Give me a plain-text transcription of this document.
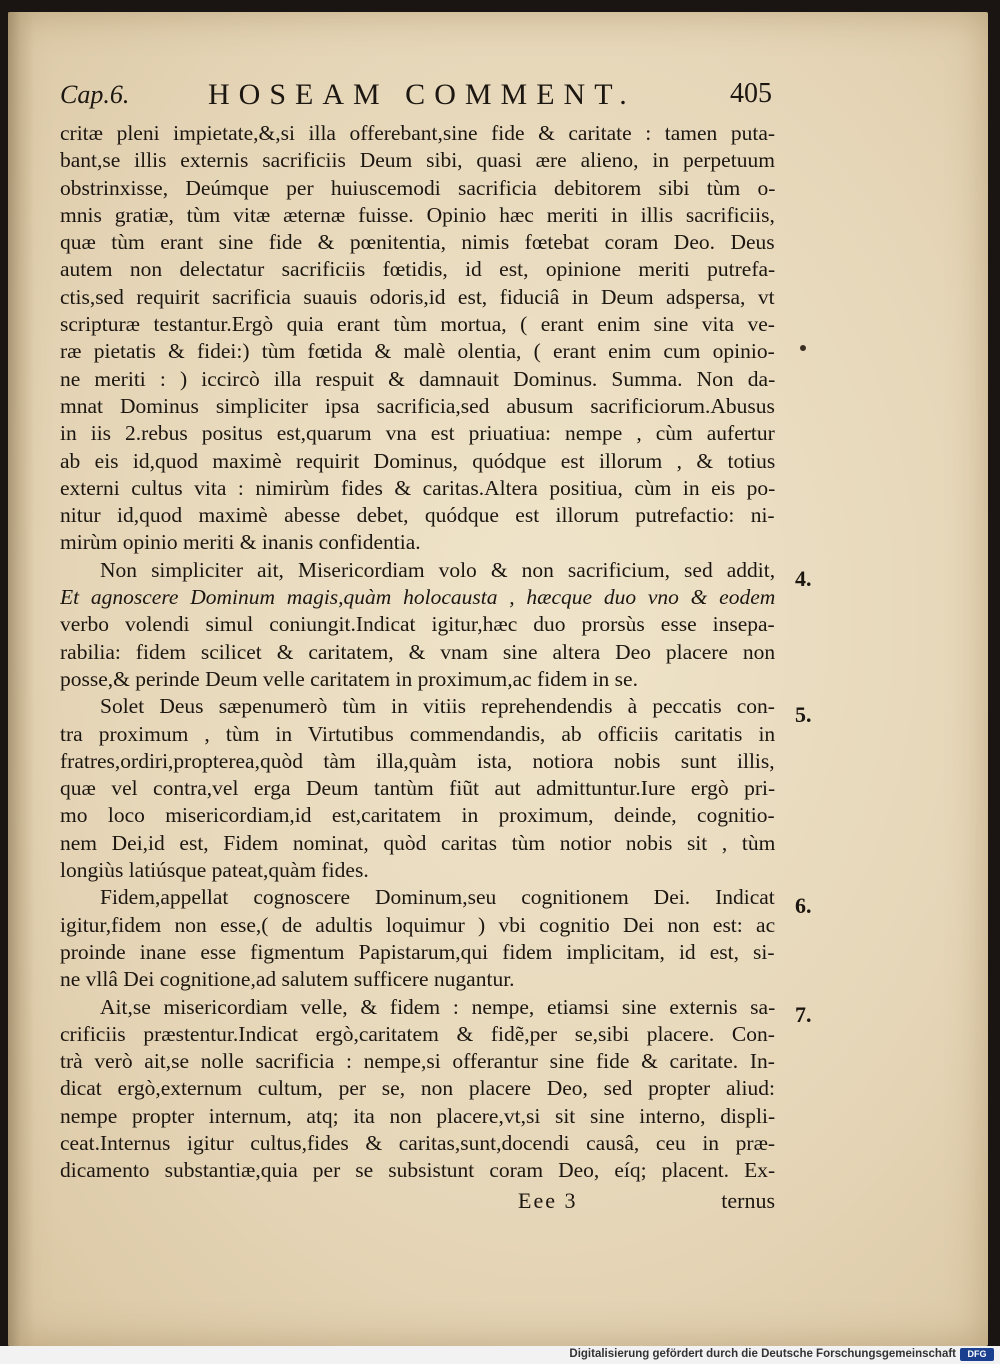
Cap.6.	HOSEAM COMMENT.	405
critæ pleni impietate,&,si illa offerebant,sine fide & caritate : tamen puta-
bant,se illis externis sacrificiis Deum sibi, quasi ære alieno, in perpetuum
obstrinxisse, Deúmque per huiuscemodi sacrificia debitorem sibi tùm o-
mnis gratiæ, tùm vitæ æternæ fuisse. Opinio hæc meriti in illis sacrificiis,
quæ tùm erant sine fide & pœnitentia, nimis fœtebat coram Deo. Deus
autem non delectatur sacrificiis fœtidis, id est, opinione meriti putrefa-
ctis,sed requirit sacrificia suauis odoris,id est, fiduciâ in Deum adspersa, vt
scripturæ testantur.Ergò quia erant tùm mortua, ( erant enim sine vita ve-
ræ pietatis & fidei:) tùm fœtida & malè olentia, ( erant enim cum opinio-
ne meriti : ) iccircò illa respuit & damnauit Dominus. Summa. Non da-
mnat Dominus simpliciter ipsa sacrificia,sed abusum sacrificiorum.Abusus
in iis 2.rebus positus est,quarum vna est priuatiua: nempe , cùm aufertur
ab eis id,quod maximè requirit Dominus, quódque est illorum , & totius
externi cultus vita : nimirùm fides & caritas.Altera positiua, cùm in eis po-
nitur id,quod maximè abesse debet, quódque est illorum putrefactio: ni-
mirùm opinio meriti & inanis confidentia.
Non simpliciter ait, Misericordiam volo & non sacrificium, sed addit,
Et agnoscere Dominum magis,quàm holocausta , hæcque duo vno & eodem
verbo volendi simul coniungit.Indicat igitur,hæc duo prorsùs esse insepa-
rabilia: fidem scilicet & caritatem, & vnam sine altera Deo placere non
posse,& perinde Deum velle caritatem in proximum,ac fidem in se.
Solet Deus sæpenumerò tùm in vitiis reprehendendis à peccatis con-
tra proximum , tùm in Virtutibus commendandis, ab officiis caritatis in
fratres,ordiri,propterea,quòd tàm illa,quàm ista, notiora nobis sunt illis,
quæ vel contra,vel erga Deum tantùm fiũt aut admittuntur.Iure ergò pri-
mo loco misericordiam,id est,caritatem in proximum, deinde, cognitio-
nem Dei,id est, Fidem nominat, quòd caritas tùm notior nobis sit , tùm
longiùs latiúsque pateat,quàm fides.
Fidem,appellat cognoscere Dominum,seu cognitionem Dei. Indicat
igitur,fidem non esse,( de adultis loquimur ) vbi cognitio Dei non est: ac
proinde inane esse figmentum Papistarum,qui fidem implicitam, id est, si-
ne vllâ Dei cognitione,ad salutem sufficere nugantur.
Ait,se misericordiam velle, & fidem : nempe, etiamsi sine externis sa-
crificiis præstentur.Indicat ergò,caritatem & fidẽ,per se,sibi placere. Con-
trà verò ait,se nolle sacrificia : nempe,si offerantur sine fide & caritate. In-
dicat ergò,externum cultum, per se, non placere Deo, sed propter aliud:
nempe propter internum, atq; ita non placere,vt,si sit sine interno, displi-
ceat.Internus igitur cultus,fides & caritas,sunt,docendi causâ, ceu in præ-
dicamento substantiæ,quia per se subsistunt coram Deo, eíq; placent. Ex-
4.
5.
6.
7.
Eee 3	ternus
Digitalisierung gefördert durch die Deutsche Forschungsgemeinschaft	DFG
